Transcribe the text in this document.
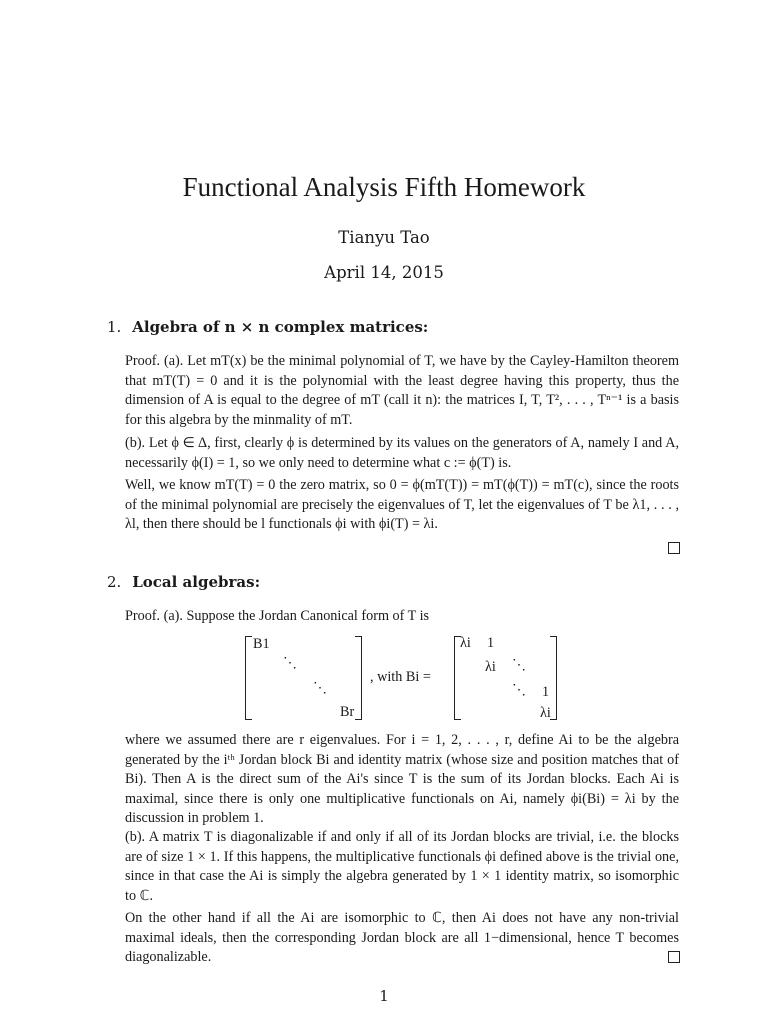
Functional Analysis Fifth Homework
Tianyu Tao
April 14, 2015
1. Algebra of n × n complex matrices:
Proof. (a). Let mT(x) be the minimal polynomial of T, we have by the Cayley-Hamilton theorem that mT(T) = 0 and it is the polynomial with the least degree having this property, thus the dimension of A is equal to the degree of mT (call it n): the matrices I, T, T², . . . , Tⁿ⁻¹ is a basis for this algebra by the minmality of mT.
(b). Let ϕ ∈ Δ, first, clearly ϕ is determined by its values on the generators of A, namely I and A, necessarily ϕ(I) = 1, so we only need to determine what c := ϕ(T) is.
Well, we know mT(T) = 0 the zero matrix, so 0 = ϕ(mT(T)) = mT(ϕ(T)) = mT(c), since the roots of the minimal polynomial are precisely the eigenvalues of T, let the eigenvalues of T be λ1, . . . , λl, then there should be l functionals ϕi with ϕi(T) = λi.
2. Local algebras:
Proof. (a). Suppose the Jordan Canonical form of T is
B1
⋱
⋱
Br
, with Bi =
λi 1
λi ⋱
⋱ 1
λi
where we assumed there are r eigenvalues. For i = 1, 2, . . . , r, define Ai to be the algebra generated by the iᵗʰ Jordan block Bi and identity matrix (whose size and position matches that of Bi). Then A is the direct sum of the Ai's since T is the sum of its Jordan blocks. Each Ai is maximal, since there is only one multiplicative functionals on Ai, namely ϕi(Bi) = λi by the discussion in problem 1.
(b). A matrix T is diagonalizable if and only if all of its Jordan blocks are trivial, i.e. the blocks are of size 1 × 1. If this happens, the multiplicative functionals ϕi defined above is the trivial one, since in that case the Ai is simply the algebra generated by 1 × 1 identity matrix, so isomorphic to ℂ.
On the other hand if all the Ai are isomorphic to ℂ, then Ai does not have any non-trivial maximal ideals, then the corresponding Jordan block are all 1−dimensional, hence T becomes diagonalizable.
1
